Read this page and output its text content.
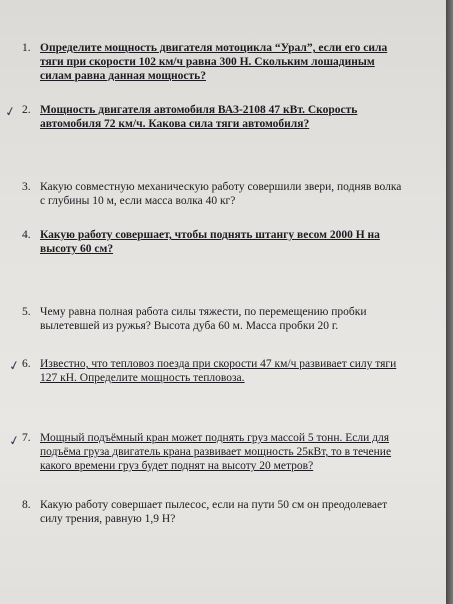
1. Определите мощность двигателя мотоцикла “Урал”, если его сила тяги при скорости 102 км/ч равна 300 Н. Скольким лошадиным силам равна данная мощность?
✓ 2. Мощность двигателя автомобиля ВАЗ-2108 47 кВт. Скорость автомобиля 72 км/ч. Какова сила тяги автомобиля?
3. Какую совместную механическую работу совершили звери, подняв волка с глубины 10 м, если масса волка 40 кг?
4. Какую работу совершает, чтобы поднять штангу весом 2000 Н на высоту 60 см?
5. Чему равна полная работа силы тяжести, по перемещению пробки вылетевшей из ружья? Высота дуба 60 м. Масса пробки 20 г.
✓ 6. Известно, что тепловоз поезда при скорости 47 км/ч развивает силу тяги 127 кН. Определите мощность тепловоза.
✓ 7. Мощный подъёмный кран может поднять груз массой 5 тонн. Если для подъёма груза двигатель крана развивает мощность 25кВт, то в течение какого времени груз будет поднят на высоту 20 метров?
8. Какую работу совершает пылесос, если на пути 50 см он преодолевает силу трения, равную 1,9 Н?
